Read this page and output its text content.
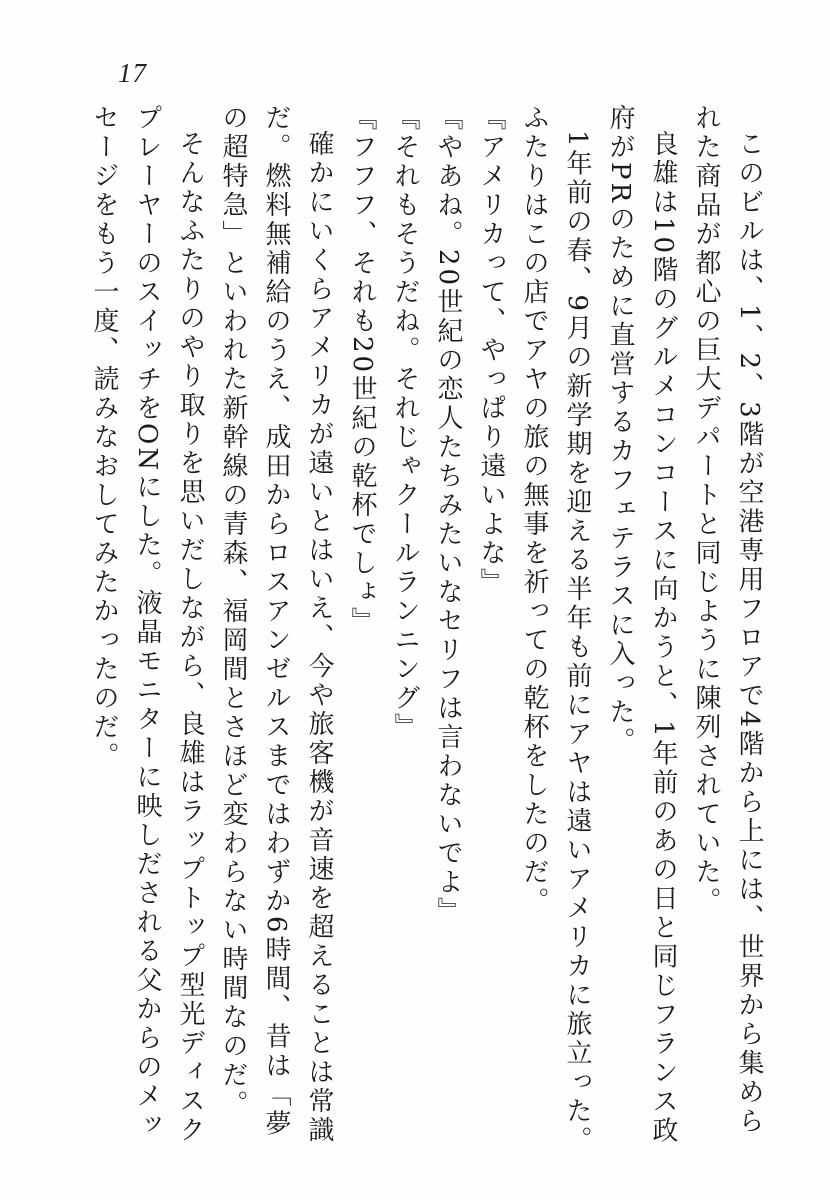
17

このビルは、1、2、3階が空港専用フロアで4階から上には、世界から集められた商品が都心の巨大デパートと同じように陳列されていた。

良雄は10階のグルメコンコースに向かうと、1年前のあの日と同じフランス政府がPRのために直営するカフェテラスに入った。

1年前の春、9月の新学期を迎える半年も前にアヤは遠いアメリカに旅立った。ふたりはこの店でアヤの旅の無事を祈っての乾杯をしたのだ。

『アメリカって、やっぱり遠いよな』

『やあね。20世紀の恋人たちみたいなセリフは言わないでよ』

『それもそうだね。それじゃクールランニング』

『フフフ、それも20世紀の乾杯でしょ』

確かにいくらアメリカが遠いとはいえ、今や旅客機が音速を超えることは常識だ。燃料無補給のうえ、成田からロスアンゼルスまではわずか6時間、昔は「夢の超特急」といわれた新幹線の青森、福岡間とさほど変わらない時間なのだ。

そんなふたりのやり取りを思いだしながら、良雄はラップトップ型光ディスクプレーヤーのスイッチをONにした。液晶モニターに映しだされる父からのメッセージをもう一度、読みなおしてみたかったのだ。
